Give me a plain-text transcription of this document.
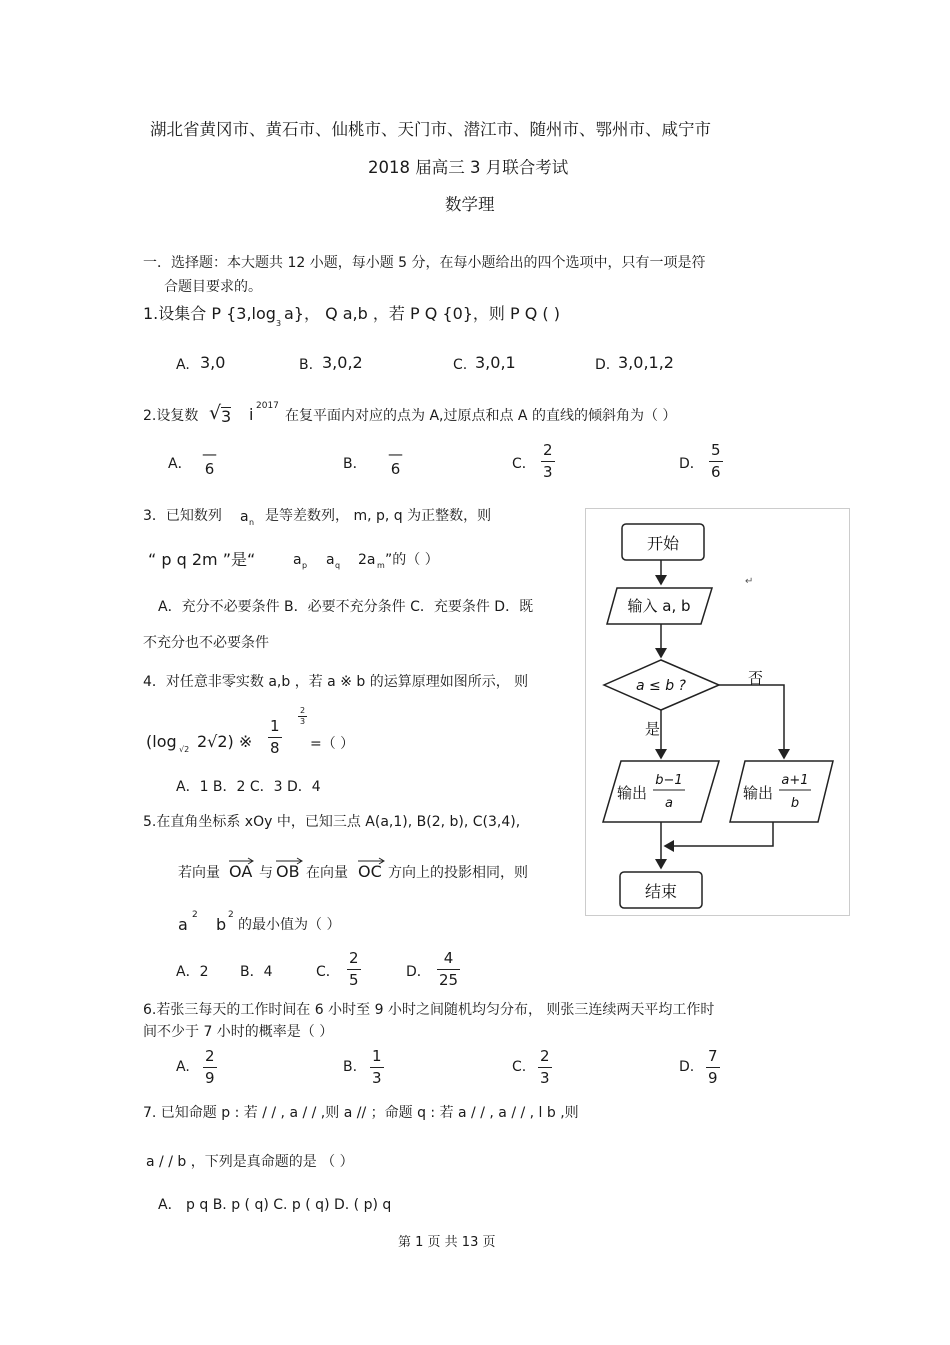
湖北省黄冈市、黄石市、仙桃市、天门市、潜江市、随州市、鄂州市、咸宁市
2018 届高三 3 月联合考试
数学理
一．选择题：本大题共 12 小题，每小题 5 分，在每小题给出的四个选项中，只有一项是符
合题目要求的。
1.设集合 P {3,log
3
a}， Q a,b ，若 P Q {0}，则 P Q ( )
A. 3,0	B. 3,0,2	C. 3,0,1	D. 3,0,1,2
2.设复数 √ 3 i 2017
在复平面内对应的点为 A,过原点和点 A 的直线的倾斜角为（ ）
A．
—
6	B．
—
6	C．
2
3	D．
5
6
3．已知数列 a n 是等差数列， m, p, q 为正整数，则
“ p q 2m ”是“	a p a q 2a m ”的（ ）
A．充分不必要条件 B．必要不充分条件 C．充要条件 D．既
不充分也不必要条件
4．对任意非零实数 a,b ，若 a ※ b 的运算原理如图所示， 则
(log √2 2√2) ※
1
8
2
3
=（ ）
A．1 B．2 C．3 D．4
5.在直角坐标系 xOy 中，已知三点 A(a,1), B(2, b), C(3,4),
若向量 OA 与 OB 在向量 OC 方向上的投影相同，则
a 2 b 2
的最小值为（ ）
A．2 B．4	C．
2
5	D．
4
25
6.若张三每天的工作时间在 6 小时至 9 小时之间随机均匀分布， 则张三连续两天平均工作时
间不少于 7 小时的概率是（ ）
A.
2
9
B.
1
3
C.
2
3
D.
7
9
7. 已知命题 p : 若 / / , a / / ,则 a // ；命题 q : 若 a / / , a / / , l b ,则
a / / b ，下列是真命题的是 （ ）
A． p q B. p ( q) C. p ( q) D. ( p) q
第 1 页 共 13 页
开始
输入 a, b
a ≤ b ?	否
是
输出
b−1
a
输出
a+1
b
结束
↵
